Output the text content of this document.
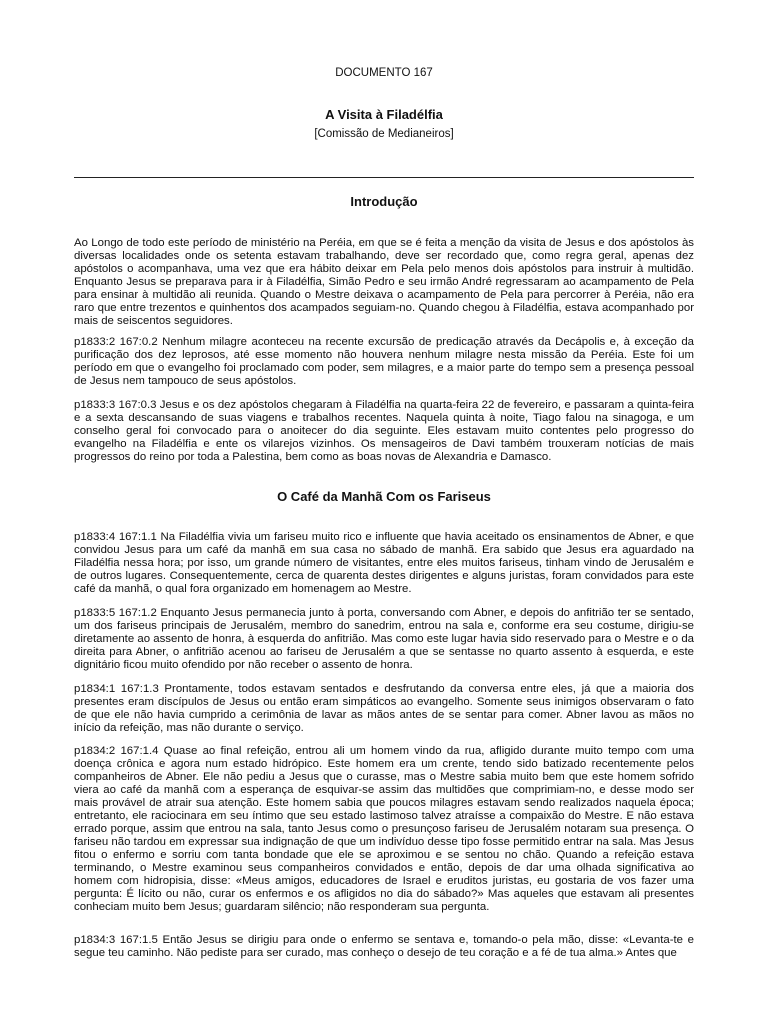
DOCUMENTO 167
A Visita à Filadélfia
[Comissão de Medianeiros]
Introdução

Ao Longo de todo este período de ministério na Peréia, em que se é feita a menção da visita de Jesus e dos apóstolos às diversas localidades onde os setenta estavam trabalhando, deve ser recordado que, como regra geral, apenas dez apóstolos o acompanhava, uma vez que era hábito deixar em Pela pelo menos dois apóstolos para instruir à multidão. Enquanto Jesus se preparava para ir à Filadélfia, Simão Pedro e seu irmão André regressaram ao acampamento de Pela para ensinar à multidão ali reunida. Quando o Mestre deixava o acampamento de Pela para percorrer à Peréia, não era raro que entre trezentos e quinhentos dos acampados seguiam-no. Quando chegou à Filadélfia, estava acompanhado por mais de seiscentos seguidores.

p1833:2 167:0.2 Nenhum milagre aconteceu na recente excursão de predicação através da Decápolis e, à exceção da purificação dos dez leprosos, até esse momento não houvera nenhum milagre nesta missão da Peréia. Este foi um período em que o evangelho foi proclamado com poder, sem milagres, e a maior parte do tempo sem a presença pessoal de Jesus nem tampouco de seus apóstolos.

p1833:3 167:0.3 Jesus e os dez apóstolos chegaram à Filadélfia na quarta-feira 22 de fevereiro, e passaram a quinta-feira e a sexta descansando de suas viagens e trabalhos recentes. Naquela quinta à noite, Tiago falou na sinagoga, e um conselho geral foi convocado para o anoitecer do dia seguinte. Eles estavam muito contentes pelo progresso do evangelho na Filadélfia e ente os vilarejos vizinhos. Os mensageiros de Davi também trouxeram notícias de mais progressos do reino por toda a Palestina, bem como as boas novas de Alexandria e Damasco.

O Café da Manhã Com os Fariseus

p1833:4 167:1.1 Na Filadélfia vivia um fariseu muito rico e influente que havia aceitado os ensinamentos de Abner, e que convidou Jesus para um café da manhã em sua casa no sábado de manhã. Era sabido que Jesus era aguardado na Filadélfia nessa hora; por isso, um grande número de visitantes, entre eles muitos fariseus, tinham vindo de Jerusalém e de outros lugares. Consequentemente, cerca de quarenta destes dirigentes e alguns juristas, foram convidados para este café da manhã, o qual fora organizado em homenagem ao Mestre.

p1833:5 167:1.2 Enquanto Jesus permanecia junto à porta, conversando com Abner, e depois do anfitrião ter se sentado, um dos fariseus principais de Jerusalém, membro do sanedrim, entrou na sala e, conforme era seu costume, dirigiu-se diretamente ao assento de honra, à esquerda do anfitrião. Mas como este lugar havia sido reservado para o Mestre e o da direita para Abner, o anfitrião acenou ao fariseu de Jerusalém a que se sentasse no quarto assento à esquerda, e este dignitário ficou muito ofendido por não receber o assento de honra.

p1834:1 167:1.3 Prontamente, todos estavam sentados e desfrutando da conversa entre eles, já que a maioria dos presentes eram discípulos de Jesus ou então eram simpáticos ao evangelho. Somente seus inimigos observaram o fato de que ele não havia cumprido a cerimônia de lavar as mãos antes de se sentar para comer. Abner lavou as mãos no início da refeição, mas não durante o serviço.

p1834:2 167:1.4 Quase ao final refeição, entrou ali um homem vindo da rua, afligido durante muito tempo com uma doença crônica e agora num estado hidrópico. Este homem era um crente, tendo sido batizado recentemente pelos companheiros de Abner. Ele não pediu a Jesus que o curasse, mas o Mestre sabia muito bem que este homem sofrido viera ao café da manhã com a esperança de esquivar-se assim das multidões que comprimiam-no, e desse modo ser mais provável de atrair sua atenção. Este homem sabia que poucos milagres estavam sendo realizados naquela época; entretanto, ele raciocinara em seu íntimo que seu estado lastimoso talvez atraísse a compaixão do Mestre. E não estava errado porque, assim que entrou na sala, tanto Jesus como o presunçoso fariseu de Jerusalém notaram sua presença. O fariseu não tardou em expressar sua indignação de que um indivíduo desse tipo fosse permitido entrar na sala. Mas Jesus fitou o enfermo e sorriu com tanta bondade que ele se aproximou e se sentou no chão. Quando a refeição estava terminando, o Mestre examinou seus companheiros convidados e então, depois de dar uma olhada significativa ao homem com hidropisia, disse: «Meus amigos, educadores de Israel e eruditos juristas, eu gostaria de vos fazer uma pergunta: É lícito ou não, curar os enfermos e os afligidos no dia do sábado?» Mas aqueles que estavam ali presentes conheciam muito bem Jesus; guardaram silêncio; não responderam sua pergunta.

p1834:3 167:1.5 Então Jesus se dirigiu para onde o enfermo se sentava e, tomando-o pela mão, disse: «Levanta-te e segue teu caminho. Não pediste para ser curado, mas conheço o desejo de teu coração e a fé de tua alma.» Antes que
